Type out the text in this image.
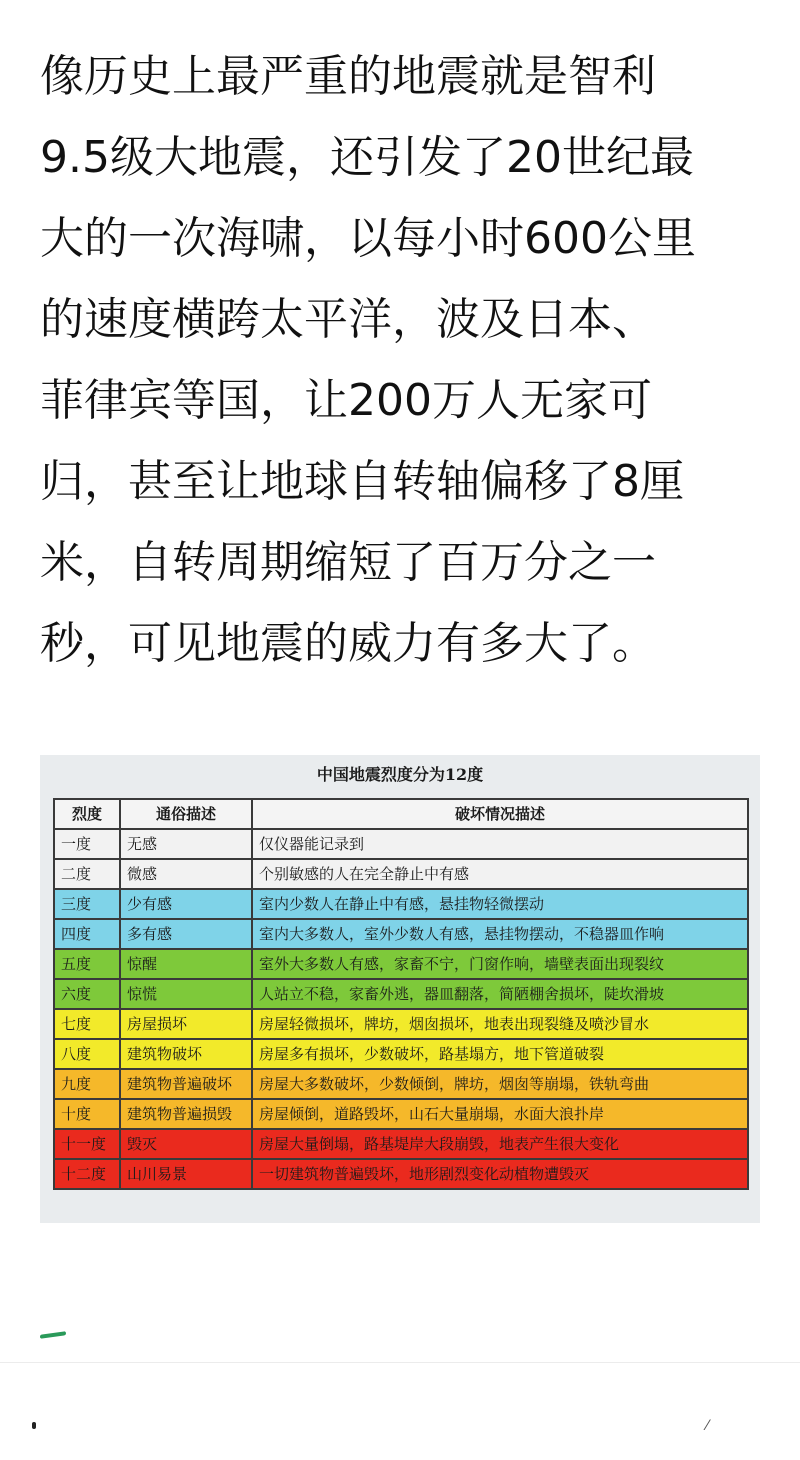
像历史上最严重的地震就是智利
9.5级大地震，还引发了20世纪最
大的一次海啸，以每小时600公里
的速度横跨太平洋，波及日本、
菲律宾等国，让200万人无家可
归，甚至让地球自转轴偏移了8厘
米，自转周期缩短了百万分之一
秒，可见地震的威力有多大了。
中国地震烈度分为12度
烈度	通俗描述	破坏情况描述
一度	无感	仅仪器能记录到
二度	微感	个别敏感的人在完全静止中有感
三度	少有感	室内少数人在静止中有感，悬挂物轻微摆动
四度	多有感	室内大多数人，室外少数人有感，悬挂物摆动，不稳器皿作响
五度	惊醒	室外大多数人有感，家畜不宁，门窗作响，墙壁表面出现裂纹
六度	惊慌	人站立不稳，家畜外逃，器皿翻落，简陋棚舍损坏，陡坎滑坡
七度	房屋损坏	房屋轻微损坏，牌坊，烟囱损坏，地表出现裂缝及喷沙冒水
八度	建筑物破坏	房屋多有损坏，少数破坏，路基塌方，地下管道破裂
九度	建筑物普遍破坏	房屋大多数破坏，少数倾倒，牌坊，烟囱等崩塌，铁轨弯曲
十度	建筑物普遍损毁	房屋倾倒，道路毁坏，山石大量崩塌，水面大浪扑岸
十一度	毁灭	房屋大量倒塌，路基堤岸大段崩毁，地表产生很大变化
十二度	山川易景	一切建筑物普遍毁坏，地形剧烈变化动植物遭毁灭
⁄
